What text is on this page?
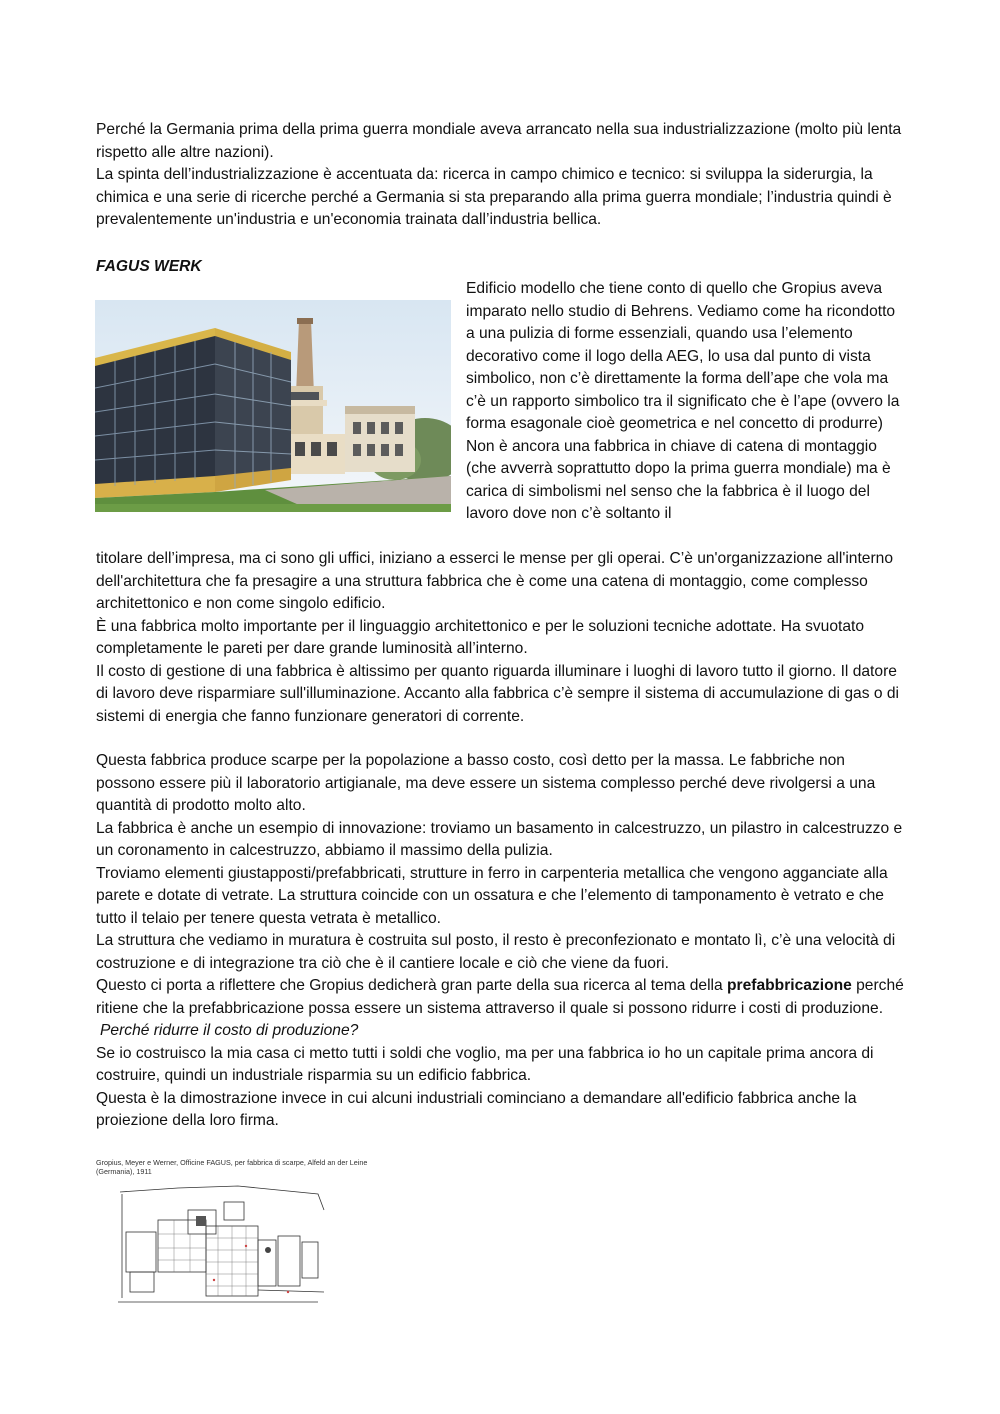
Perché la Germania prima della prima guerra mondiale aveva arrancato nella sua industrializzazione (molto più lenta rispetto alle altre nazioni).

La spinta dell’industrializzazione è accentuata da: ricerca in campo chimico e tecnico: si sviluppa la siderurgia, la chimica e una serie di ricerche perché a Germania si sta preparando alla prima guerra mondiale; l’industria quindi è prevalentemente un'industria e un'economia trainata dall’industria bellica.

FAGUS WERK

Edificio modello che tiene conto di quello che Gropius aveva imparato nello studio di Behrens. Vediamo come ha ricondotto a una pulizia di forme essenziali, quando usa l’elemento decorativo come il logo della AEG, lo usa dal punto di vista simbolico, non c’è direttamente la forma dell’ape che vola ma c’è un rapporto simbolico tra il significato che è l’ape (ovvero la forma esagonale cioè geometrica e nel concetto di produrre)

Non è ancora una fabbrica in chiave di catena di montaggio (che avverrà soprattutto dopo la prima guerra mondiale) ma è carica di simbolismi nel senso che la fabbrica è il luogo del lavoro dove non c’è soltanto il

titolare dell’impresa, ma ci sono gli uffici, iniziano a esserci le mense per gli operai. C’è un'organizzazione all'interno dell'architettura che fa presagire a una struttura fabbrica che è come una catena di montaggio, come complesso architettonico e non come singolo edificio.

È una fabbrica molto importante per il linguaggio architettonico e per le soluzioni tecniche adottate. Ha svuotato completamente le pareti per dare grande luminosità all’interno.

Il costo di gestione di una fabbrica è altissimo per quanto riguarda illuminare i luoghi di lavoro tutto il giorno. Il datore di lavoro deve risparmiare sull'illuminazione. Accanto alla fabbrica c’è sempre il sistema di accumulazione di gas o di sistemi di energia che fanno funzionare generatori di corrente.

Questa fabbrica produce scarpe per la popolazione a basso costo, così detto per la massa. Le fabbriche non possono essere più il laboratorio artigianale, ma deve essere un sistema complesso perché deve rivolgersi a una quantità di prodotto molto alto.

La fabbrica è anche un esempio di innovazione: troviamo un basamento in calcestruzzo, un pilastro in calcestruzzo e un coronamento in calcestruzzo, abbiamo il massimo della pulizia.

Troviamo elementi giustapposti/prefabbricati, strutture in ferro in carpenteria metallica che vengono agganciate alla parete e dotate di vetrate. La struttura coincide con un ossatura e che l’elemento di tamponamento è vetrato e che tutto il telaio per tenere questa vetrata è metallico.

La struttura che vediamo in muratura è costruita sul posto, il resto è preconfezionato e montato lì, c’è una velocità di costruzione e di integrazione tra ciò che è il cantiere locale e ciò che viene da fuori.

Questo ci porta a riflettere che Gropius dedicherà gran parte della sua ricerca al tema della prefabbricazione perché ritiene che la prefabbricazione possa essere un sistema attraverso il quale si possono ridurre i costi di produzione.

Perché ridurre il costo di produzione?

Se io costruisco la mia casa ci metto tutti i soldi che voglio, ma per una fabbrica io ho un capitale prima ancora di costruire, quindi un industriale risparmia su un edificio fabbrica.

Questa è la dimostrazione invece in cui alcuni industriali cominciano a demandare all'edificio fabbrica anche la proiezione della loro firma.

Gropius, Meyer e Werner, Officine FAGUS, per fabbrica di scarpe, Alfeld an der Leine (Germania), 1911
